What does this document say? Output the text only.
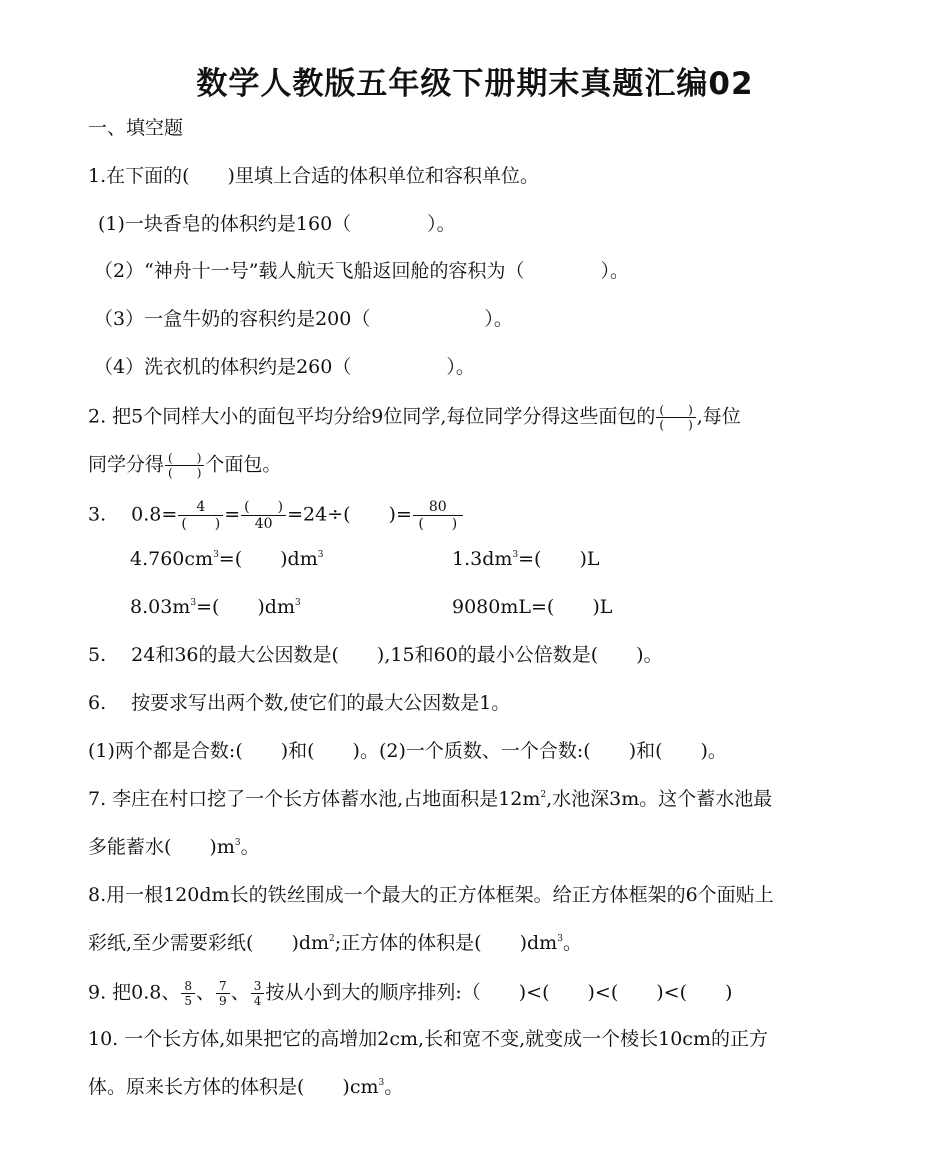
数学人教版五年级下册期末真题汇编02
一、填空题
1.在下面的(　　)里填上合适的体积单位和容积单位。
(1)一块香皂的体积约是160（　　　　）。
（2）“神舟十一号”载人航天飞船返回舱的容积为（　　　　）。
（3）一盒牛奶的容积约是200（　　　　　　）。
（4）洗衣机的体积约是260（　　　　　）。
2. 把5个同样大小的面包平均分给9位同学,每位同学分得这些面包的 $\frac{( )}{( )}$ ,每位
同学分得 $\frac{( )}{( )}$ 个面包。
3.　 $0.8= \frac{4}{( )} = \frac{( )}{40} =24\div$(　　)= $\frac{80}{( )}$
$4.760cm^3=$(　　)$dm^3$	$1.3dm^3=$(　　)L
$8.03m^3=$(　　)$dm^3$	9080mL=(　　)L
5.　 24和36的最大公因数是(　　),15和60的最小公倍数是(　　)。
6.　 按要求写出两个数,使它们的最大公因数是1。
(1)两个都是合数:(　　)和(　　)。(2)一个质数、一个合数:(　　)和(　　)。
7. 李庄在村口挖了一个长方体蓄水池,占地面积是$12m^2$,水池深3m。这个蓄水池最
多能蓄水(　　)$m^3$。
8.用一根120dm长的铁丝围成一个最大的正方体框架。给正方体框架的6个面贴上
彩纸,至少需要彩纸(　　)$dm^2$;正方体的体积是(　　)$dm^3$。
9. 把0.8、 $\frac{8}{5}$ 、 $\frac{7}{9}$ 、 $\frac{3}{4}$ 按从小到大的顺序排列:（　　)<(　　)<(　　)<(　　)
10. 一个长方体,如果把它的高增加2cm,长和宽不变,就变成一个棱长10cm的正方
体。原来长方体的体积是(　　)$cm^3$。
